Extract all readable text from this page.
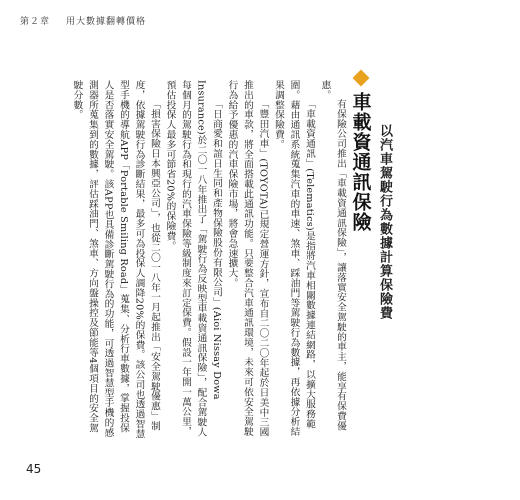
第２章 用大數據翻轉價格
車載資通訊保險 以汽車駕駛行為數據計算保險費

有保險公司推出「車載資通訊保險」，讓落實安全駕駛的車主，能享有保費優惠。

「車載資通訊」(Telematics)是指將汽車相關數據連結網路，以擴大服務範圍。藉由通訊系統蒐集汽車的車速、煞車、踩油門等駕駛行為數據，再依據分析結果調整保險費。

「豐田汽車」(TOYOTA)已規定營運方針，宣布自二〇二〇年起於日美中三國推出的車款，將全面搭載此通訊功能。只要整合汽車通訊環境，未來可依安全駕駛行為給予優惠的汽車保險市場，將會急速擴大。

「日商愛和誼日生同和產物保險股份有限公司」(Aioi Nissay Dowa Insurance)於二〇一八年推出了「駕駛行為反映型車載資通訊保險」，配合駕駛人每個月的駕駛行為和現行的汽車保險等級制度來訂定保費。假設一年開一萬公里，預估投保人最多可節省20%的保險費。

「損害保險日本興亞公司」，也從二〇一八年一月起推出「安全駕駛優惠」制度，依據駕駛行為診斷結果，最多可為投保人調降20%的保費。該公司也透過智慧型手機的導航APP「Portable Smiling Road」蒐集、分析行車數據，掌握投保人是否落實安全駕駛。該APP也具備診斷駕駛行為的功能，可透過智慧型手機的感測器所蒐集到的數據，評估踩油門、煞車、方向盤操控及節能等4個項目的安全駕駛分數。

45
